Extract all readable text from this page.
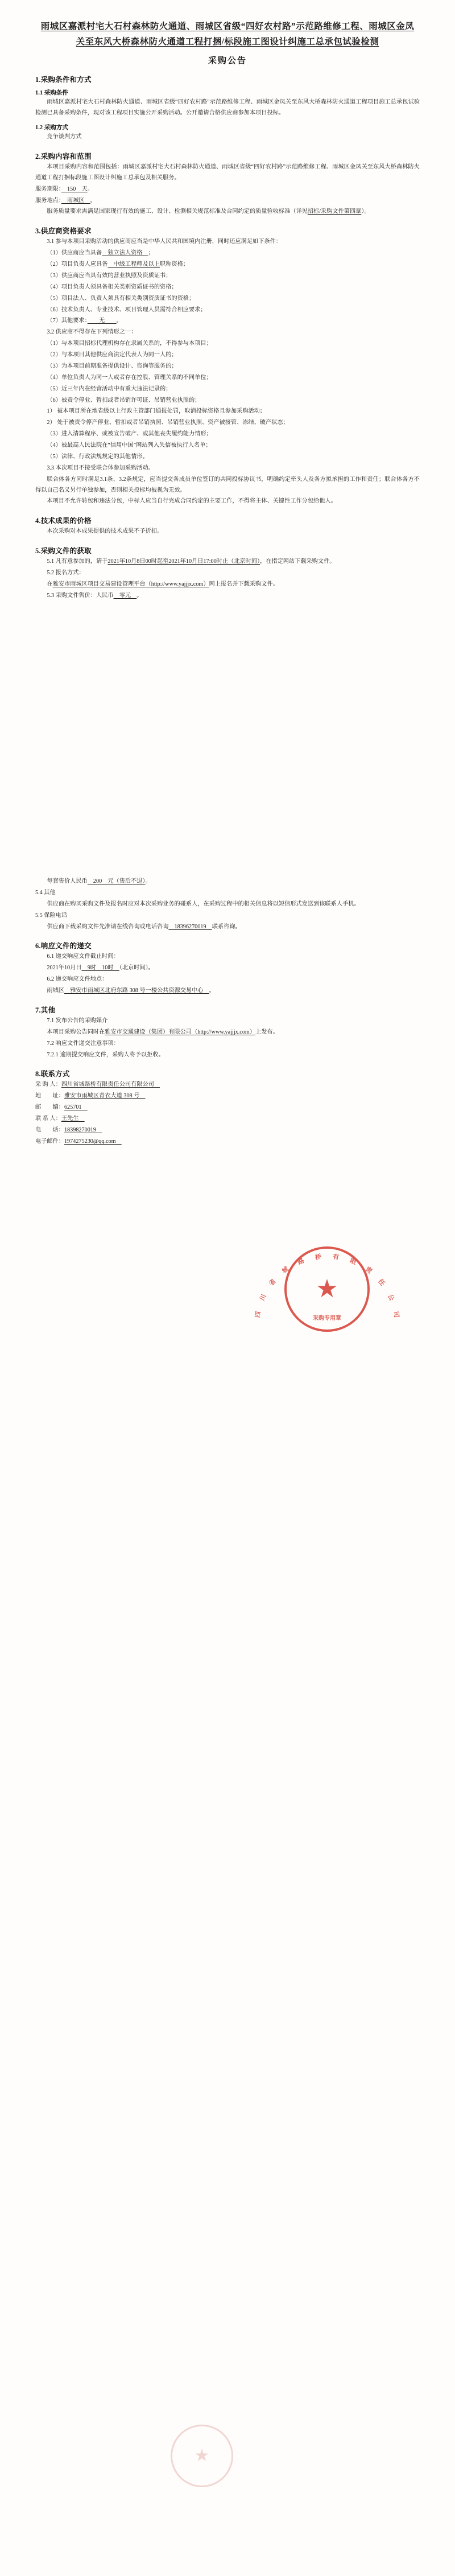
雨城区嘉派村宅大石村森林防火通道、雨城区省级“四好农村路”示范路维修工程、雨城区金凤关至东风大桥森林防火通道工程打捆/标段施工图设计纠施工总承包试验检测
采购公告
1.采购条件和方式
1.1 采购条件

雨城区嘉派村宅大石村森林防火通道、雨城区省级“四好农村路”示范路维修工程、雨城区金凤关至东风大桥森林防火通道工程项目施工总承包试验检测已具备采购条件，现对该工程项目实施公开采购活动。公开邀请合格供应商参加本项目投标。

1.2 采购方式

竞争谈判方式

2.采购内容和范围

本项目采购内容和范围包括：雨城区嘉派村宅大石村森林防火通道、雨城区省级“四好农村路”示范路维修工程、雨城区金凤关至东风大桥森林防火通道工程打捆标段施工图设计纠施工总承包及相关服务。

服务期限：　150　天。

服务地点：　雨城区　。

服务质量要求需满足国家现行有效的施工、设计、检测相关规范标准及合同约定的质量验收标准（详见招标/采购文件第四章）。

3.供应商资格要求

3.1 参与本项目采购活动的供应商应当是中华人民共和国境内注册，同时还应满足如下条件：

（1）供应商应当具备　独立法人资格　；

（2）项目负责人应具备　中级工程师及以上职称资格；

（3）供应商应当具有效的营业执照及资质证书；

（4）项目负责人须具备相关类别资质证书的资格；

（5）项目法人、负责人须具有相关类别资质证书的资格；

（6）技术负责人、专业技术、项目管理人员需符合相应要求；

（7）其他要求：　　无　　。

3.2 供应商不得存在下列情形之一：

（1）与本项目招标代理机构存在隶属关系的，不得参与本项目；

（2）与本项目其他供应商法定代表人为同一人的；

（3）为本项目前期准备提供设计、咨询等服务的；

（4）单位负责人为同一人或者存在控股、管理关系的不同单位；

（5）近三年内在经营活动中有重大违法记录的；

（6）被责令停业、暂扣或者吊销许可证、吊销营业执照的；

1） 被本项目所在地省级以上行政主管部门通报处罚，取消投标资格且参加采购活动；

2） 处于被责令停产停业、暂扣或者吊销执照、吊销营业执照、资产被接管、冻结、破产状态；

（3）进入清算程序、或被宣告破产、或其他丧失履约能力情形；

（4）被最高人民法院在“信用中国”网站列入失信被执行人名单；

（5）法律、行政法规规定的其他情形。

3.3 本次项目不接受联合体参加采购活动。

联合体各方同时满足3.1条、3.2条规定，应当提交各成员单位签订的共同投标协议书，明确约定牵头人及各方拟承担的工作和责任；联合体各方不得以自己名义另行单独参加，否则相关投标均被视为无效。

本项目不允许转包和违法分包，中标人应当自行完成合同约定的主要工作，不得将主体、关键性工作分包给他人。

4.技术成果的价格

本次采购对本成果提供的技术成果不予折扣。

5.采购文件的获取

5.1 凡有意参加的，请于2021年10月8日00时起至2021年10月日17:00时止（北京时间），在指定网站下载采购文件。

5.2 报名方式：

在雅安市雨城区项目交易建设管理平台（http://www.yajjjx.com）网上报名并下载采购文件。

5.3 采购文件售价：人民币　零元　。

每套售价人民币　200　元（售后不退）。

5.4 其他

供应商在购买采购文件及报名时应对本次采购业务的碰系人，在采购过程中的相关信息将以短信形式发送到该联系人手机。

5.5 保险电话

供应商下载采购文件先准请在线咨询或电话咨询　18396270019　联系咨询。

6.响应文件的递交

6.1 递交响应文件截止时间：

2021年10月日　9时　10时　（北京时间）。

6.2 递交响应文件地点：

雨城区　雅安市雨城区北府东路 308 号一楼公共资源交易中心　。

7.其他

7.1 发布公告的采购媒介

本项目采购公告同时在雅安市交通建设（集团）有限公司（http://www.yajjjx.com）上发布。

7.2 响应文件递交注意事项：

7.2.1 逾期提交响应文件，采购人将予以拒收。

8.联系方式

采 购 人：四川省城路桥有限责任公司有限公司　

地　　址：雅安市雨城区青衣大道 308 号　

邮　　编：625701　

联 系 人：王先生　

电　　话：18398270019　

电子邮件：1974275230@qq.com　

四
川
省
城
路
桥 有
限
责
任
公
司
★
采购专用章
★
